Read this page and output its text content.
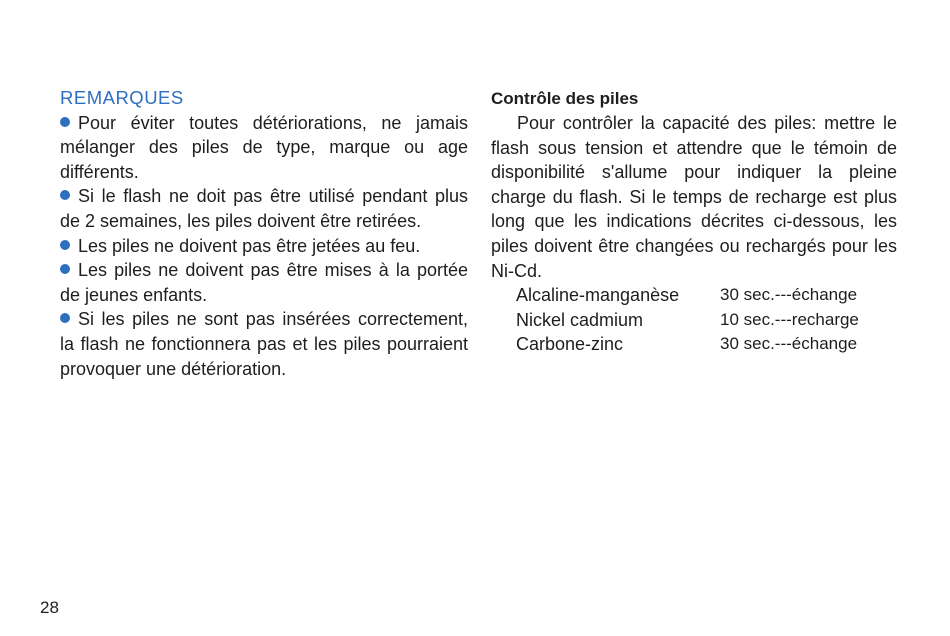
REMARQUES

Pour éviter toutes détériorations, ne jamais mélanger des piles de type, marque ou age différents.

Si le flash ne doit pas être utilisé pendant plus de 2 semaines, les piles doivent être retirées.

Les piles ne doivent pas être jetées au feu.

Les piles ne doivent pas être mises à la portée de jeunes enfants.

Si les piles ne sont pas insérées correctement, la flash ne fonctionnera pas et les piles pourraient provoquer une détérioration.

Contrôle des piles

Pour contrôler la capacité des piles: mettre le flash sous tension et attendre que le témoin de disponibilité s'allume pour indiquer la pleine charge du flash. Si le temps de recharge est plus long que les indications décrites ci-dessous, les piles doivent être changées ou rechargés pour les Ni-Cd.

Alcaline-manganèse	30 sec.---échange
Nickel cadmium	10 sec.---recharge
Carbone-zinc	30 sec.---échange
28
